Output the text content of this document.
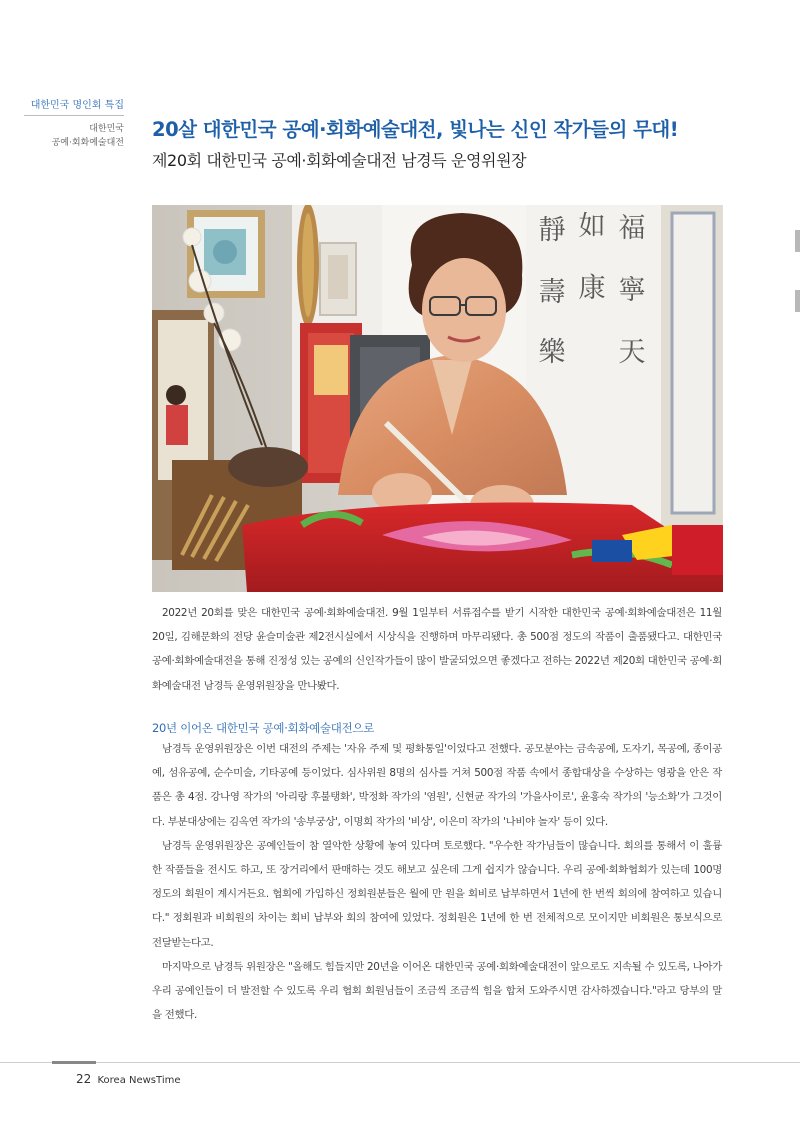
대한민국 명인회 특집
대한민국
공예·회화예술대전
20살 대한민국 공예·회화예술대전, 빛나는 신인 작가들의 무대!
제20회 대한민국 공예·회화예술대전 남경득 운영위원장
靜 如 福
壽 康 寧
樂 天

2022년 20회를 맞은 대한민국 공예·회화예술대전. 9월 1일부터 서류접수를 받기 시작한 대한민국 공예·회화예술대전은 11월 20일, 김해문화의 전당 윤슬미술관 제2전시실에서 시상식을 진행하며 마무리됐다. 총 500점 정도의 작품이 출품됐다고. 대한민국 공예·회화예술대전을 통해 진정성 있는 공예의 신인작가들이 많이 발굴되었으면 좋겠다고 전하는 2022년 제20회 대한민국 공예·회화예술대전 남경득 운영위원장을 만나봤다.

20년 이어온 대한민국 공예·회화예술대전으로

남경득 운영위원장은 이번 대전의 주제는 '자유 주제 및 평화통일'이었다고 전했다. 공모분야는 금속공예, 도자기, 목공예, 종이공예, 섬유공예, 순수미술, 기타공예 등이었다. 심사위원 8명의 심사를 거쳐 500점 작품 속에서 종합대상을 수상하는 영광을 안은 작품은 총 4점. 강나영 작가의 '아리랑 후불탱화', 박정화 작가의 '염원', 신현균 작가의 '가을사이로', 윤홍숙 작가의 '능소화'가 그것이다. 부분대상에는 김옥연 작가의 '송부궁상', 이명희 작가의 '비상', 이은미 작가의 '나비야 놀자' 등이 있다.

남경득 운영위원장은 공예인들이 참 열악한 상황에 놓여 있다며 토로했다. "우수한 작가님들이 많습니다. 회의를 통해서 이 훌륭한 작품들을 전시도 하고, 또 장거리에서 판매하는 것도 해보고 싶은데 그게 쉽지가 않습니다. 우리 공예·회화협회가 있는데 100명 정도의 회원이 계시거든요. 협회에 가입하신 정회원분들은 월에 만 원을 회비로 납부하면서 1년에 한 번씩 회의에 참여하고 있습니다." 정회원과 비회원의 차이는 회비 납부와 회의 참여에 있었다. 정회원은 1년에 한 번 전체적으로 모이지만 비회원은 통보식으로 전달받는다고.

마지막으로 남경득 위원장은 "올해도 힘들지만 20년을 이어온 대한민국 공예·회화예술대전이 앞으로도 지속될 수 있도록, 나아가 우리 공예인들이 더 발전할 수 있도록 우리 협회 회원님들이 조금씩 조금씩 힘을 합쳐 도와주시면 감사하겠습니다."라고 당부의 말을 전했다.

22 Korea NewsTime
